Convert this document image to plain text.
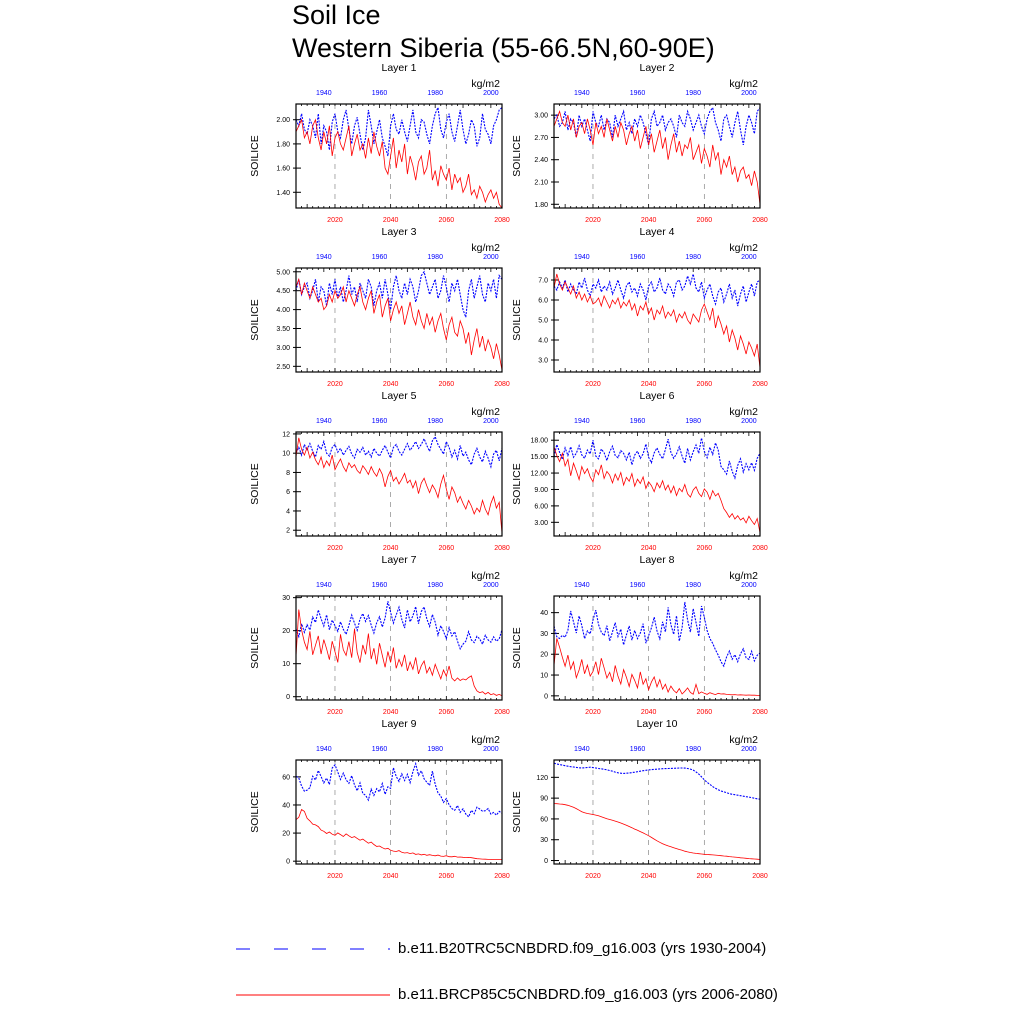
Soil Ice
Western Siberia (55-66.5N,60-90E)
Layer 1
kg/m2
SOILICE
1.40
1.60
1.80
2.00
2020	2040	2060	2080
1940	1960	1980	2000
Layer 2
kg/m2
SOILICE
1.80
2.10
2.40
2.70
3.00
2020	2040	2060	2080
1940	1960	1980	2000
Layer 3
kg/m2
SOILICE
2.50
3.00
3.50
4.00
4.50
5.00
2020	2040	2060	2080
1940	1960	1980	2000
Layer 4
kg/m2
SOILICE
3.0
4.0
5.0
6.0
7.0
2020	2040	2060	2080
1940	1960	1980	2000
Layer 5
kg/m2
SOILICE
2
4
6
8
10
12
2020	2040	2060	2080
1940	1960	1980	2000
Layer 6
kg/m2
SOILICE
3.00
6.00
9.00
12.00
15.00
18.00
2020	2040	2060	2080
1940	1960	1980	2000
Layer 7
kg/m2
SOILICE
0
10
20
30
2020	2040	2060	2080
1940	1960	1980	2000
Layer 8
kg/m2
SOILICE
0
10
20
30
40
2020	2040	2060	2080
1940	1960	1980	2000
Layer 9
kg/m2
SOILICE
0
20
40
60
2020	2040	2060	2080
1940	1960	1980	2000
Layer 10
kg/m2
SOILICE
0
30
60
90
120
2020	2040	2060	2080
1940	1960	1980	2000
b.e11.B20TRC5CNBDRD.f09_g16.003 (yrs 1930-2004)
b.e11.BRCP85C5CNBDRD.f09_g16.003 (yrs 2006-2080)
